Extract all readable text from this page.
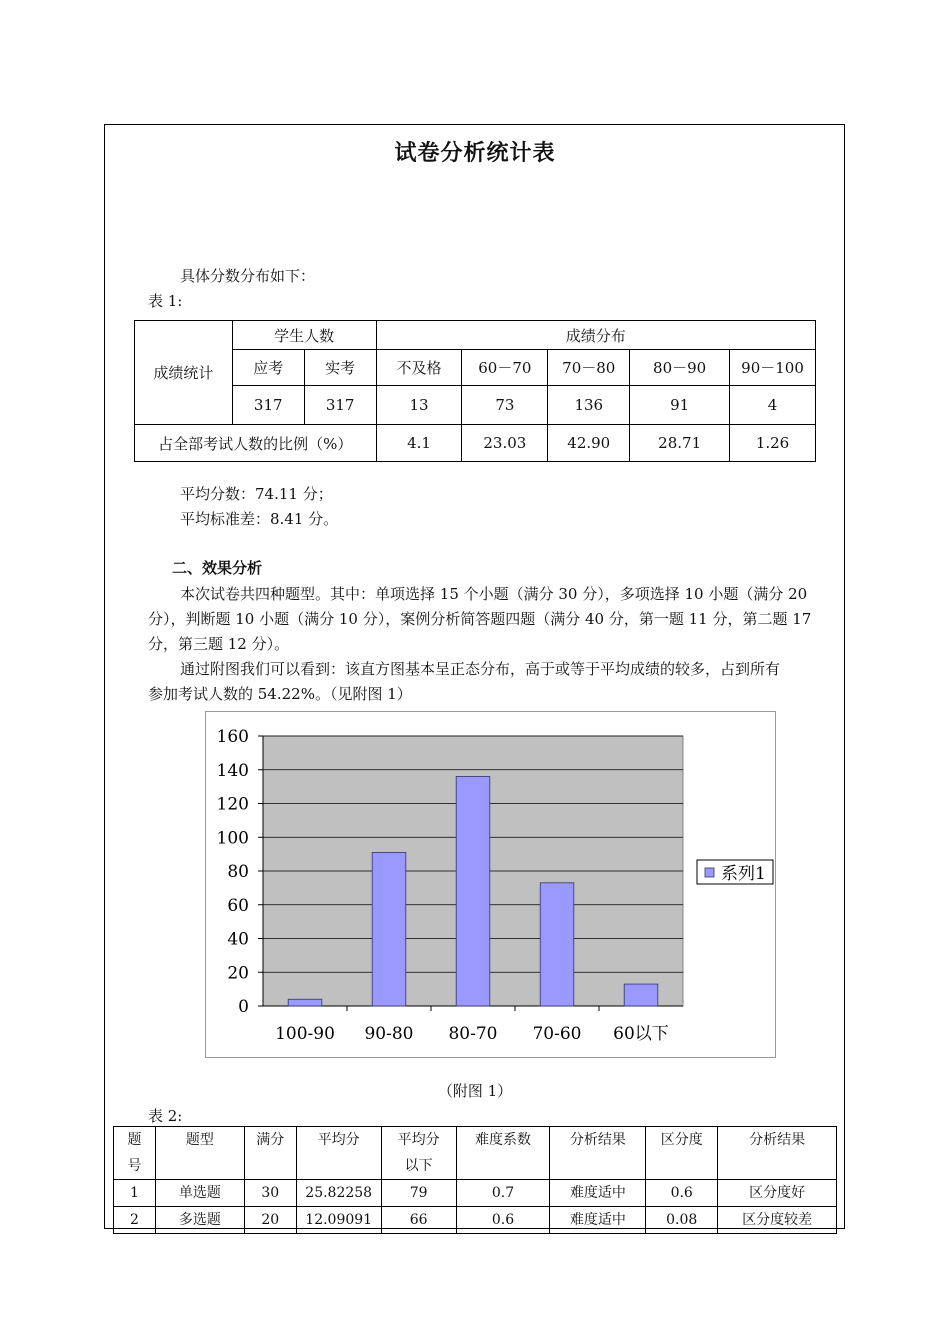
试卷分析统计表
具体分数分布如下：
表 1:
成绩统计	学生人数		成绩分布				
	应考	实考	不及格	60－70	70－80	80－90	90－100
	317	317	13	73	136	91	4
占全部考试人数的比例（%）			4.1	23.03	42.90	28.71	1.26
平均分数：74.11 分；
平均标准差：8.41 分。
二、效果分析
本次试卷共四种题型。其中：单项选择 15 个小题（满分 30 分），多项选择 10 小题（满分 20
分），判断题 10 小题（满分 10 分），案例分析简答题四题（满分 40 分，第一题 11 分，第二题 17
分，第三题 12 分）。
通过附图我们可以看到：该直方图基本呈正态分布，高于或等于平均成绩的较多，占到所有
参加考试人数的 54.22%。（见附图 1）
0
20
40
60
80
100
120
140
160
100-90 90-80 80-70 70-60 60以下
系列1
（附图 1）
表 2:
题号	题型	满分	平均分	平均分以下	难度系数	分析结果	区分度	分析结果
1	单选题	30	25.82258	79	0.7	难度适中	0.6	区分度好
2	多选题	20	12.09091	66	0.6	难度适中	0.08	区分度较差
